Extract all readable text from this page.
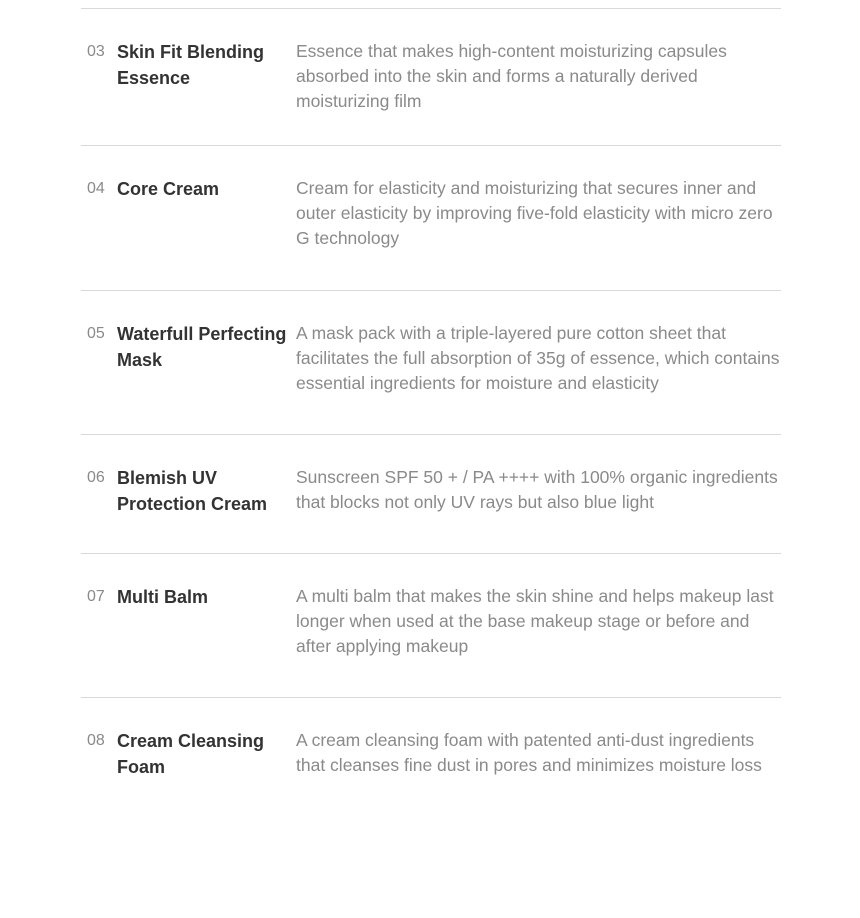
03 Skin Fit Blending Essence
Essence that makes high-content moisturizing capsules absorbed into the skin and forms a naturally derived moisturizing film
04 Core Cream	Cream for elasticity and moisturizing that secures inner and outer elasticity by improving five-fold elasticity with micro zero G technology
05 Waterfull Perfecting Mask
A mask pack with a triple-layered pure cotton sheet that facilitates the full absorption of 35g of essence, which contains essential ingredients for moisture and elasticity
06 Blemish UV Protection Cream
Sunscreen SPF 50 + / PA ++++ with 100% organic ingredients that blocks not only UV rays but also blue light
07 Multi Balm	A multi balm that makes the skin shine and helps makeup last longer when used at the base makeup stage or before and after applying makeup
08 Cream Cleansing Foam
A cream cleansing foam with patented anti-dust ingredients that cleanses fine dust in pores and minimizes moisture loss
